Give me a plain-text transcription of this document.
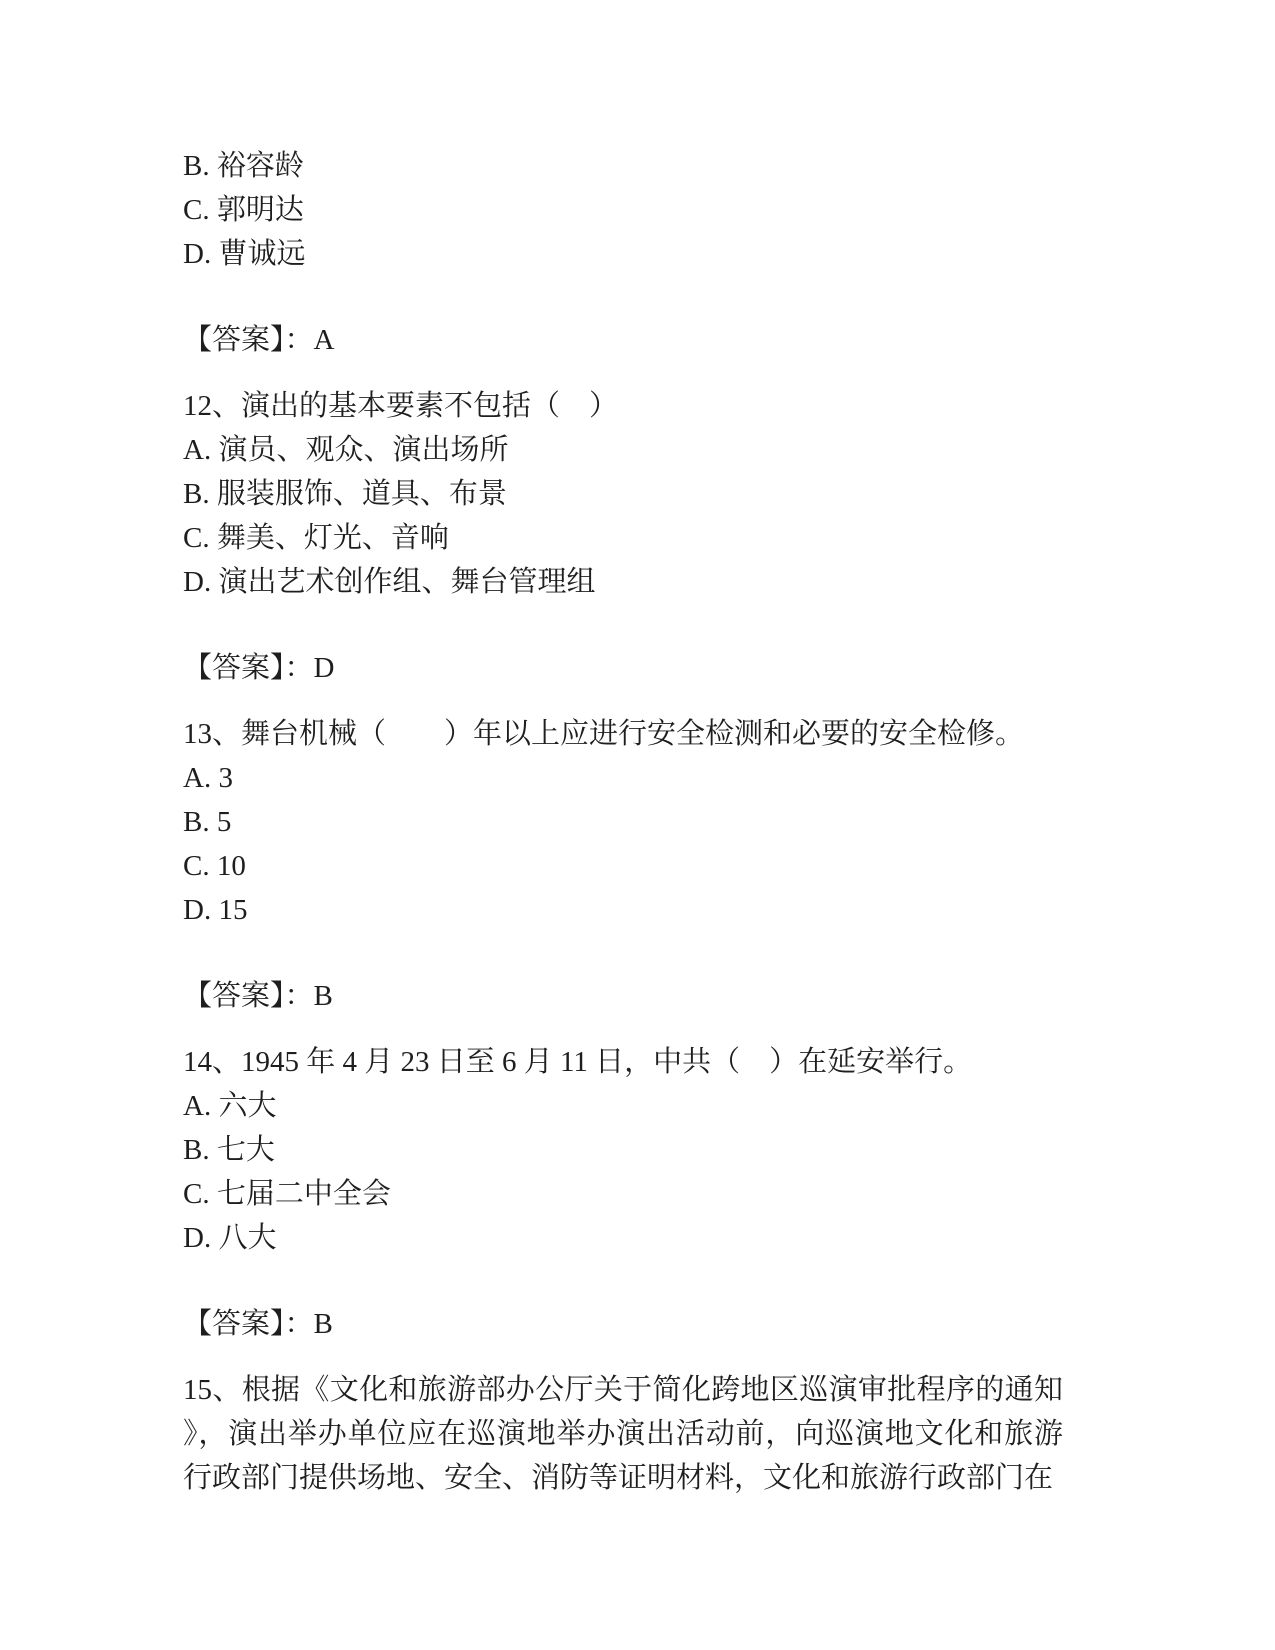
B. 裕容龄
C. 郭明达
D. 曹诚远
【答案】：A
12、演出的基本要素不包括（　）
A. 演员、观众、演出场所
B. 服装服饰、道具、布景
C. 舞美、灯光、音响
D. 演出艺术创作组、舞台管理组
【答案】：D
13、舞台机械（　　）年以上应进行安全检测和必要的安全检修。
A. 3
B. 5
C. 10
D. 15
【答案】：B
14、1945 年 4 月 23 日至 6 月 11 日，中共（　）在延安举行。
A. 六大
B. 七大
C. 七届二中全会
D. 八大
【答案】：B
15、根据《文化和旅游部办公厅关于简化跨地区巡演审批程序的通知》，演出举办单位应在巡演地举办演出活动前，向巡演地文化和旅游行政部门提供场地、安全、消防等证明材料，文化和旅游行政部门在
